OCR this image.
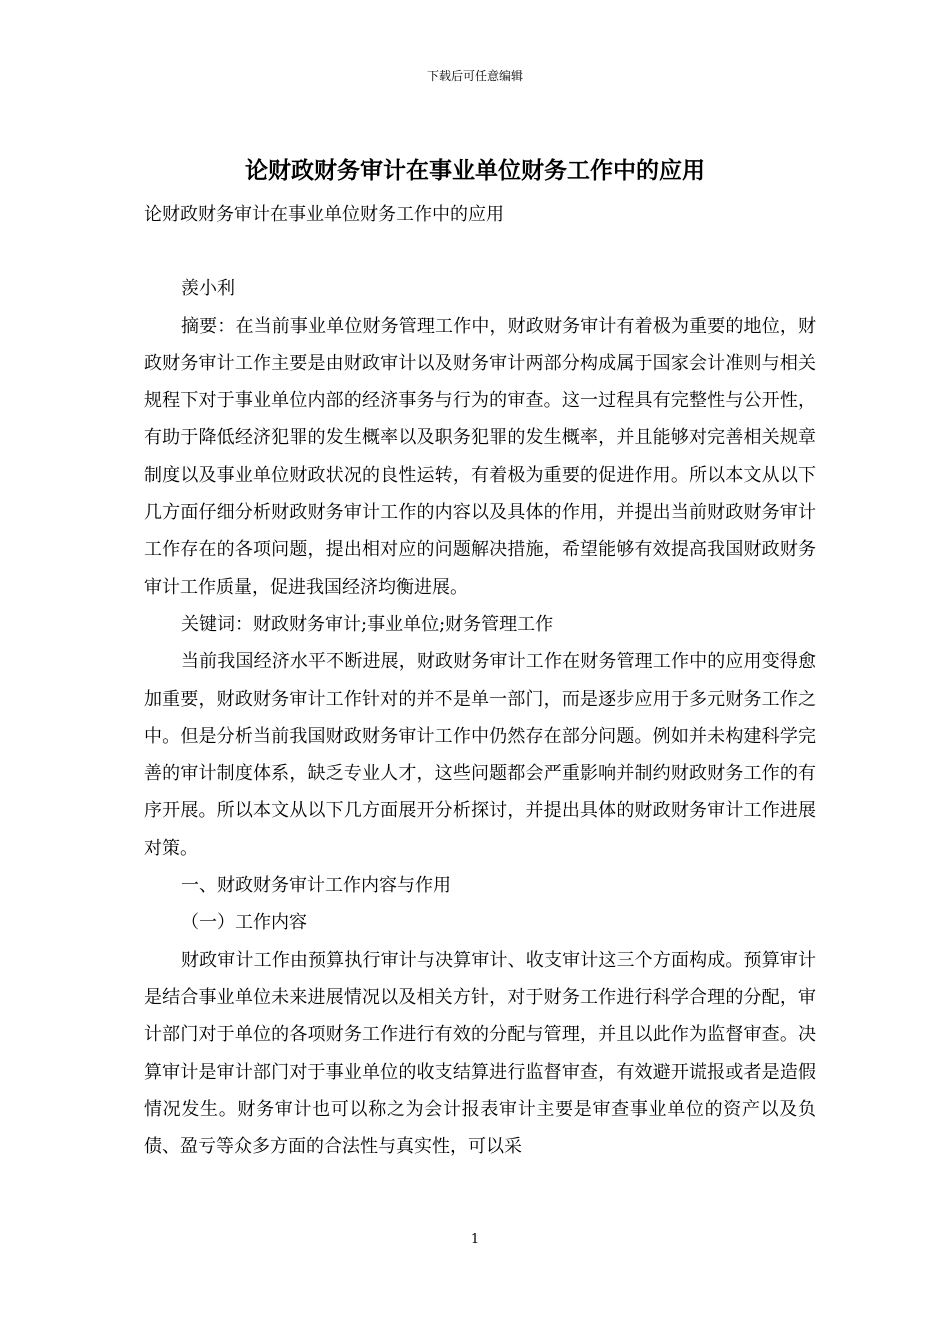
下载后可任意编辑
论财政财务审计在事业单位财务工作中的应用

论财政财务审计在事业单位财务工作中的应用

羡小利

摘要：在当前事业单位财务管理工作中，财政财务审计有着极为重要的地位，财政财务审计工作主要是由财政审计以及财务审计两部分构成属于国家会计准则与相关规程下对于事业单位内部的经济事务与行为的审查。这一过程具有完整性与公开性，有助于降低经济犯罪的发生概率以及职务犯罪的发生概率，并且能够对完善相关规章制度以及事业单位财政状况的良性运转，有着极为重要的促进作用。所以本文从以下几方面仔细分析财政财务审计工作的内容以及具体的作用，并提出当前财政财务审计工作存在的各项问题，提出相对应的问题解决措施，希望能够有效提高我国财政财务审计工作质量，促进我国经济均衡进展。

关键词：财政财务审计;事业单位;财务管理工作

当前我国经济水平不断进展，财政财务审计工作在财务管理工作中的应用变得愈加重要，财政财务审计工作针对的并不是单一部门，而是逐步应用于多元财务工作之中。但是分析当前我国财政财务审计工作中仍然存在部分问题。例如并未构建科学完善的审计制度体系，缺乏专业人才，这些问题都会严重影响并制约财政财务工作的有序开展。所以本文从以下几方面展开分析探讨，并提出具体的财政财务审计工作进展对策。

一、财政财务审计工作内容与作用

（一）工作内容

财政审计工作由预算执行审计与决算审计、收支审计这三个方面构成。预算审计是结合事业单位未来进展情况以及相关方针，对于财务工作进行科学合理的分配，审计部门对于单位的各项财务工作进行有效的分配与管理，并且以此作为监督审查。决算审计是审计部门对于事业单位的收支结算进行监督审查，有效避开谎报或者是造假情况发生。财务审计也可以称之为会计报表审计主要是审查事业单位的资产以及负债、盈亏等众多方面的合法性与真实性，可以采

1
